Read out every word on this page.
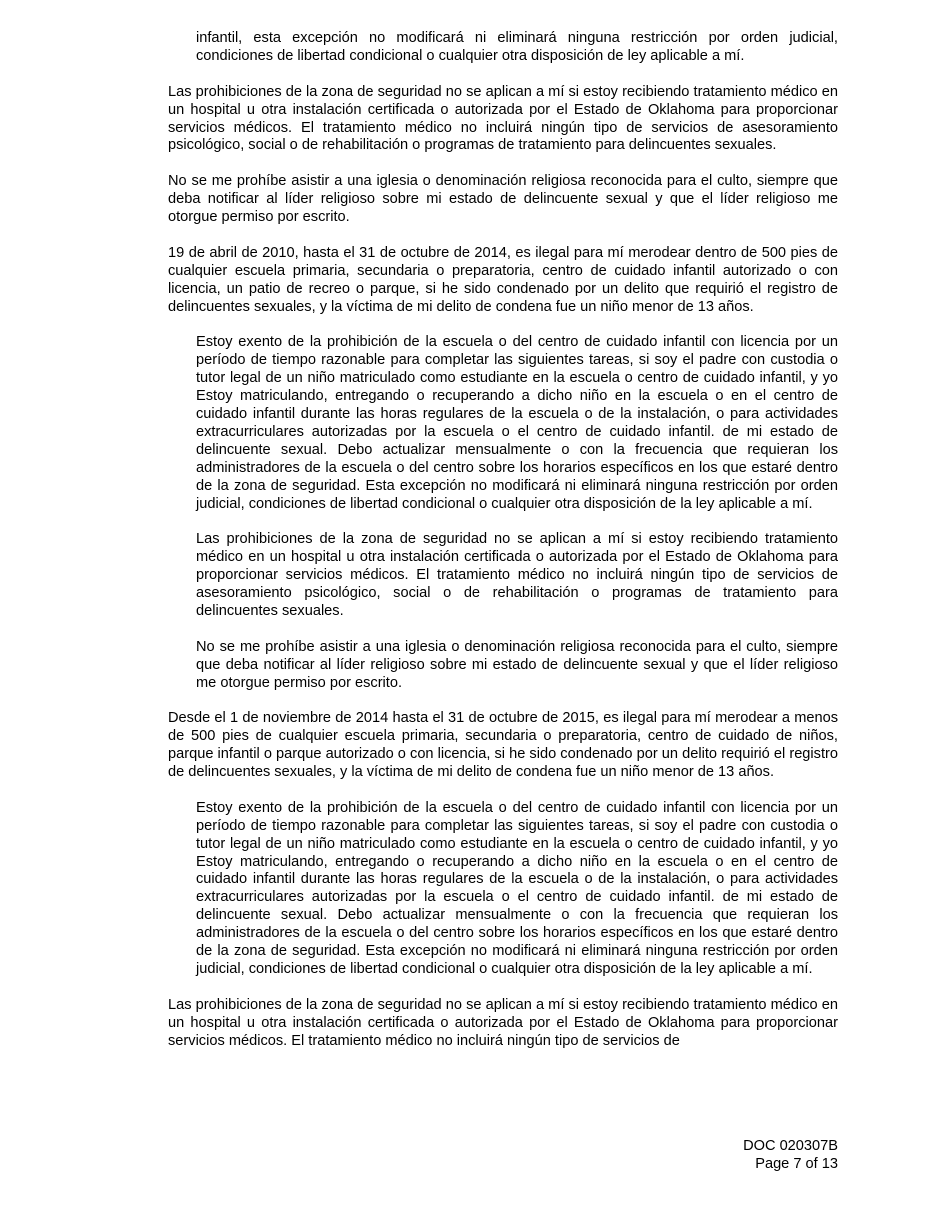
infantil, esta excepción no modificará ni eliminará ninguna restricción por orden judicial, condiciones de libertad condicional o cualquier otra disposición de ley aplicable a mí.

Las prohibiciones de la zona de seguridad no se aplican a mí si estoy recibiendo tratamiento médico en un hospital u otra instalación certificada o autorizada por el Estado de Oklahoma para proporcionar servicios médicos. El tratamiento médico no incluirá ningún tipo de servicios de asesoramiento psicológico, social o de rehabilitación o programas de tratamiento para delincuentes sexuales.

No se me prohíbe asistir a una iglesia o denominación religiosa reconocida para el culto, siempre que deba notificar al líder religioso sobre mi estado de delincuente sexual y que el líder religioso me otorgue permiso por escrito.

19 de abril de 2010, hasta el 31 de octubre de 2014, es ilegal para mí merodear dentro de 500 pies de cualquier escuela primaria, secundaria o preparatoria, centro de cuidado infantil autorizado o con licencia, un patio de recreo o parque, si he sido condenado por un delito que requirió el registro de delincuentes sexuales, y la víctima de mi delito de condena fue un niño menor de 13 años.

Estoy exento de la prohibición de la escuela o del centro de cuidado infantil con licencia por un período de tiempo razonable para completar las siguientes tareas, si soy el padre con custodia o tutor legal de un niño matriculado como estudiante en la escuela o centro de cuidado infantil, y yo Estoy matriculando, entregando o recuperando a dicho niño en la escuela o en el centro de cuidado infantil durante las horas regulares de la escuela o de la instalación, o para actividades extracurriculares autorizadas por la escuela o el centro de cuidado infantil. de mi estado de delincuente sexual. Debo actualizar mensualmente o con la frecuencia que requieran los administradores de la escuela o del centro sobre los horarios específicos en los que estaré dentro de la zona de seguridad. Esta excepción no modificará ni eliminará ninguna restricción por orden judicial, condiciones de libertad condicional o cualquier otra disposición de la ley aplicable a mí.

Las prohibiciones de la zona de seguridad no se aplican a mí si estoy recibiendo tratamiento médico en un hospital u otra instalación certificada o autorizada por el Estado de Oklahoma para proporcionar servicios médicos. El tratamiento médico no incluirá ningún tipo de servicios de asesoramiento psicológico, social o de rehabilitación o programas de tratamiento para delincuentes sexuales.

No se me prohíbe asistir a una iglesia o denominación religiosa reconocida para el culto, siempre que deba notificar al líder religioso sobre mi estado de delincuente sexual y que el líder religioso me otorgue permiso por escrito.

Desde el 1 de noviembre de 2014 hasta el 31 de octubre de 2015, es ilegal para mí merodear a menos de 500 pies de cualquier escuela primaria, secundaria o preparatoria, centro de cuidado de niños, parque infantil o parque autorizado o con licencia, si he sido condenado por un delito requirió el registro de delincuentes sexuales, y la víctima de mi delito de condena fue un niño menor de 13 años.

Estoy exento de la prohibición de la escuela o del centro de cuidado infantil con licencia por un período de tiempo razonable para completar las siguientes tareas, si soy el padre con custodia o tutor legal de un niño matriculado como estudiante en la escuela o centro de cuidado infantil, y yo Estoy matriculando, entregando o recuperando a dicho niño en la escuela o en el centro de cuidado infantil durante las horas regulares de la escuela o de la instalación, o para actividades extracurriculares autorizadas por la escuela o el centro de cuidado infantil. de mi estado de delincuente sexual. Debo actualizar mensualmente o con la frecuencia que requieran los administradores de la escuela o del centro sobre los horarios específicos en los que estaré dentro de la zona de seguridad. Esta excepción no modificará ni eliminará ninguna restricción por orden judicial, condiciones de libertad condicional o cualquier otra disposición de la ley aplicable a mí.

Las prohibiciones de la zona de seguridad no se aplican a mí si estoy recibiendo tratamiento médico en un hospital u otra instalación certificada o autorizada por el Estado de Oklahoma para proporcionar servicios médicos. El tratamiento médico no incluirá ningún tipo de servicios de

DOC 020307B
Page 7 of 13
